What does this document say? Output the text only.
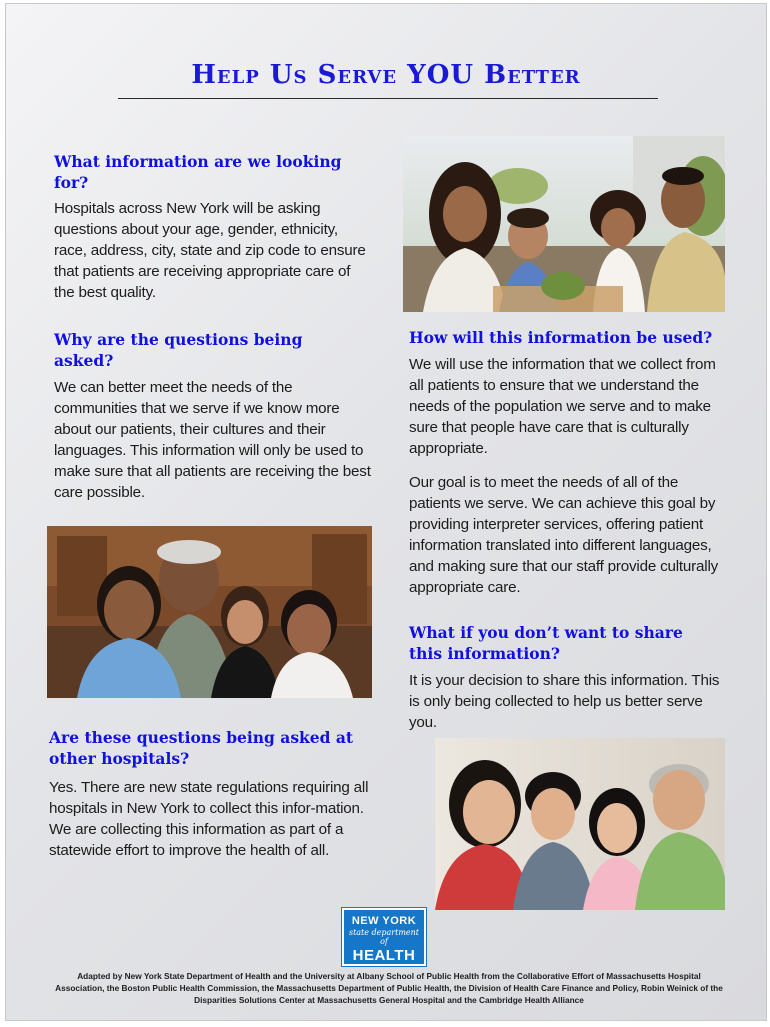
Help Us Serve YOU Better
What information are we looking for?

Hospitals across New York will be asking questions about your age, gender, ethnicity, race, address, city, state and zip code to ensure that patients are receiving appropriate care of the best quality.

Why are the questions being asked?

We can better meet the needs of the communities that we serve if we know more about our patients, their cultures and their languages. This information will only be used to make sure that all patients are receiving the best care possible.

How will this information be used?

We will use the information that we collect from all patients to ensure that we understand the needs of the population we serve and to make sure that people have care that is culturally appropriate.

Our goal is to meet the needs of all of the patients we serve. We can achieve this goal by providing interpreter services, offering patient information translated into different languages, and making sure that our staff provide culturally appropriate care.

What if you don’t want to share this information?

It is your decision to share this information. This is only being collected to help us better serve you.

Are these questions being asked at other hospitals?

Yes. There are new state regulations requiring all hospitals in New York to collect this infor-mation. We are collecting this information as part of a statewide effort to improve the health of all.

NEW YORK
state department of
HEALTH

Adapted by New York State Department of Health and the University at Albany School of Public Health from the Collaborative Effort of Massachusetts Hospital Association, the Boston Public Health Commission, the Massachusetts Department of Public Health, the Division of Health Care Finance and Policy, Robin Weinick of the Disparities Solutions Center at Massachusetts General Hospital and the Cambridge Health Alliance
